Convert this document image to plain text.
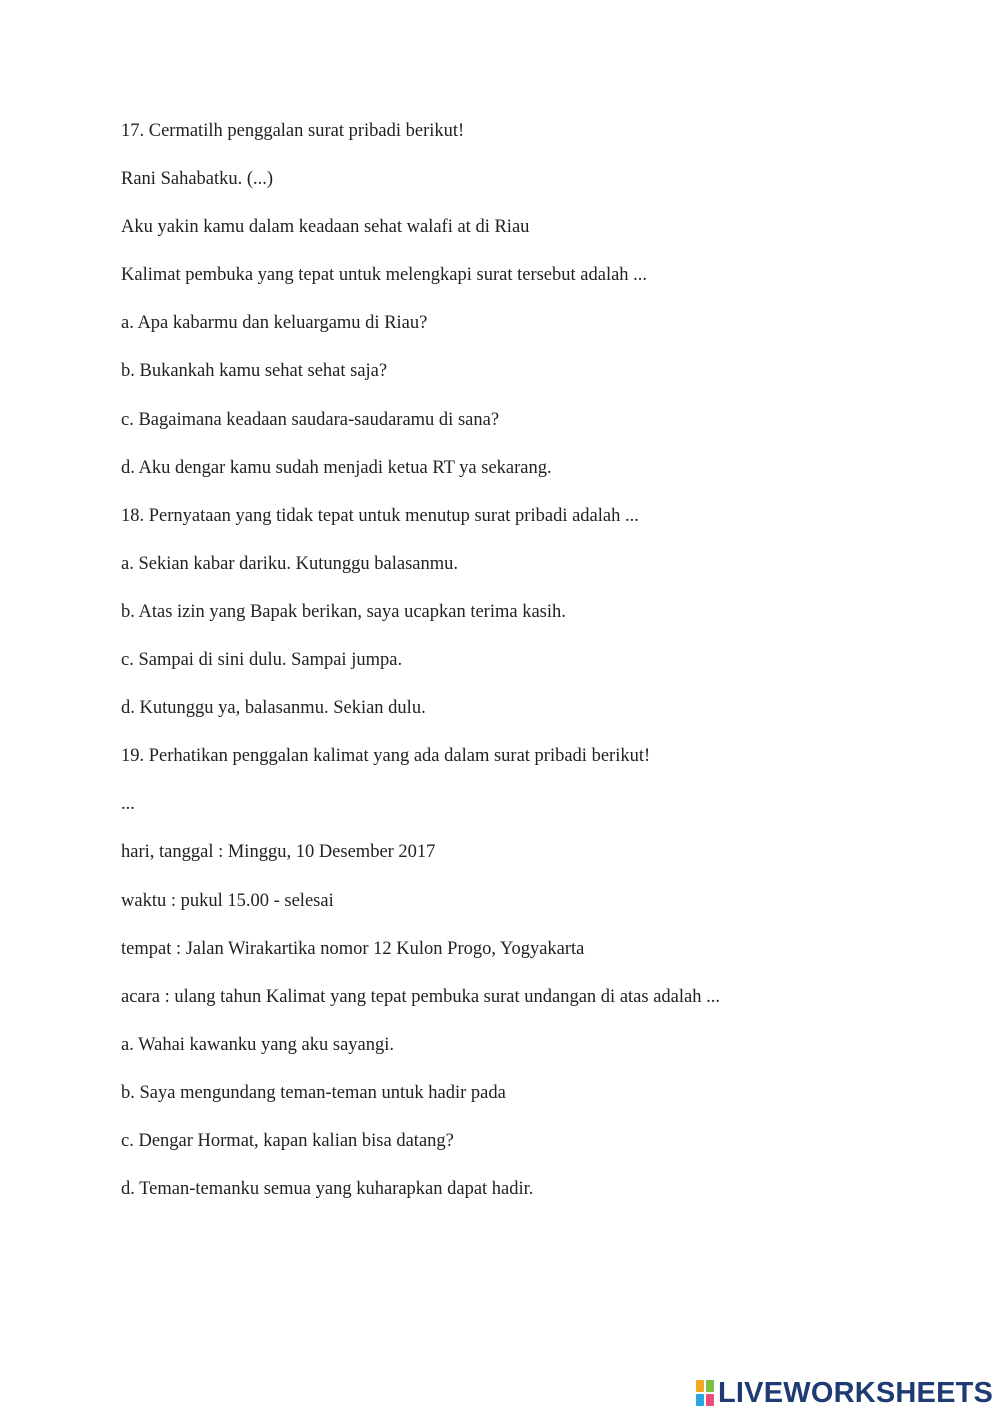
17. Cermatilh penggalan surat pribadi berikut!
Rani Sahabatku. (...)
Aku yakin kamu dalam keadaan sehat walafi at di Riau
Kalimat pembuka yang tepat untuk melengkapi surat tersebut adalah ...
a. Apa kabarmu dan keluargamu di Riau?
b. Bukankah kamu sehat sehat saja?
c. Bagaimana keadaan saudara-saudaramu di sana?
d. Aku dengar kamu sudah menjadi ketua RT ya sekarang.
18. Pernyataan yang tidak tepat untuk menutup surat pribadi adalah ...
a. Sekian kabar dariku. Kutunggu balasanmu.
b. Atas izin yang Bapak berikan, saya ucapkan terima kasih.
c. Sampai di sini dulu. Sampai jumpa.
d. Kutunggu ya, balasanmu. Sekian dulu.
19. Perhatikan penggalan kalimat yang ada dalam surat pribadi berikut!
...
hari, tanggal : Minggu, 10 Desember 2017
waktu : pukul 15.00 - selesai
tempat : Jalan Wirakartika nomor 12 Kulon Progo, Yogyakarta
acara : ulang tahun Kalimat yang tepat pembuka surat undangan di atas adalah ...
a. Wahai kawanku yang aku sayangi.
b. Saya mengundang teman-teman untuk hadir pada
c. Dengar Hormat, kapan kalian bisa datang?
d. Teman-temanku semua yang kuharapkan dapat hadir.
LIVEWORKSHEETS
